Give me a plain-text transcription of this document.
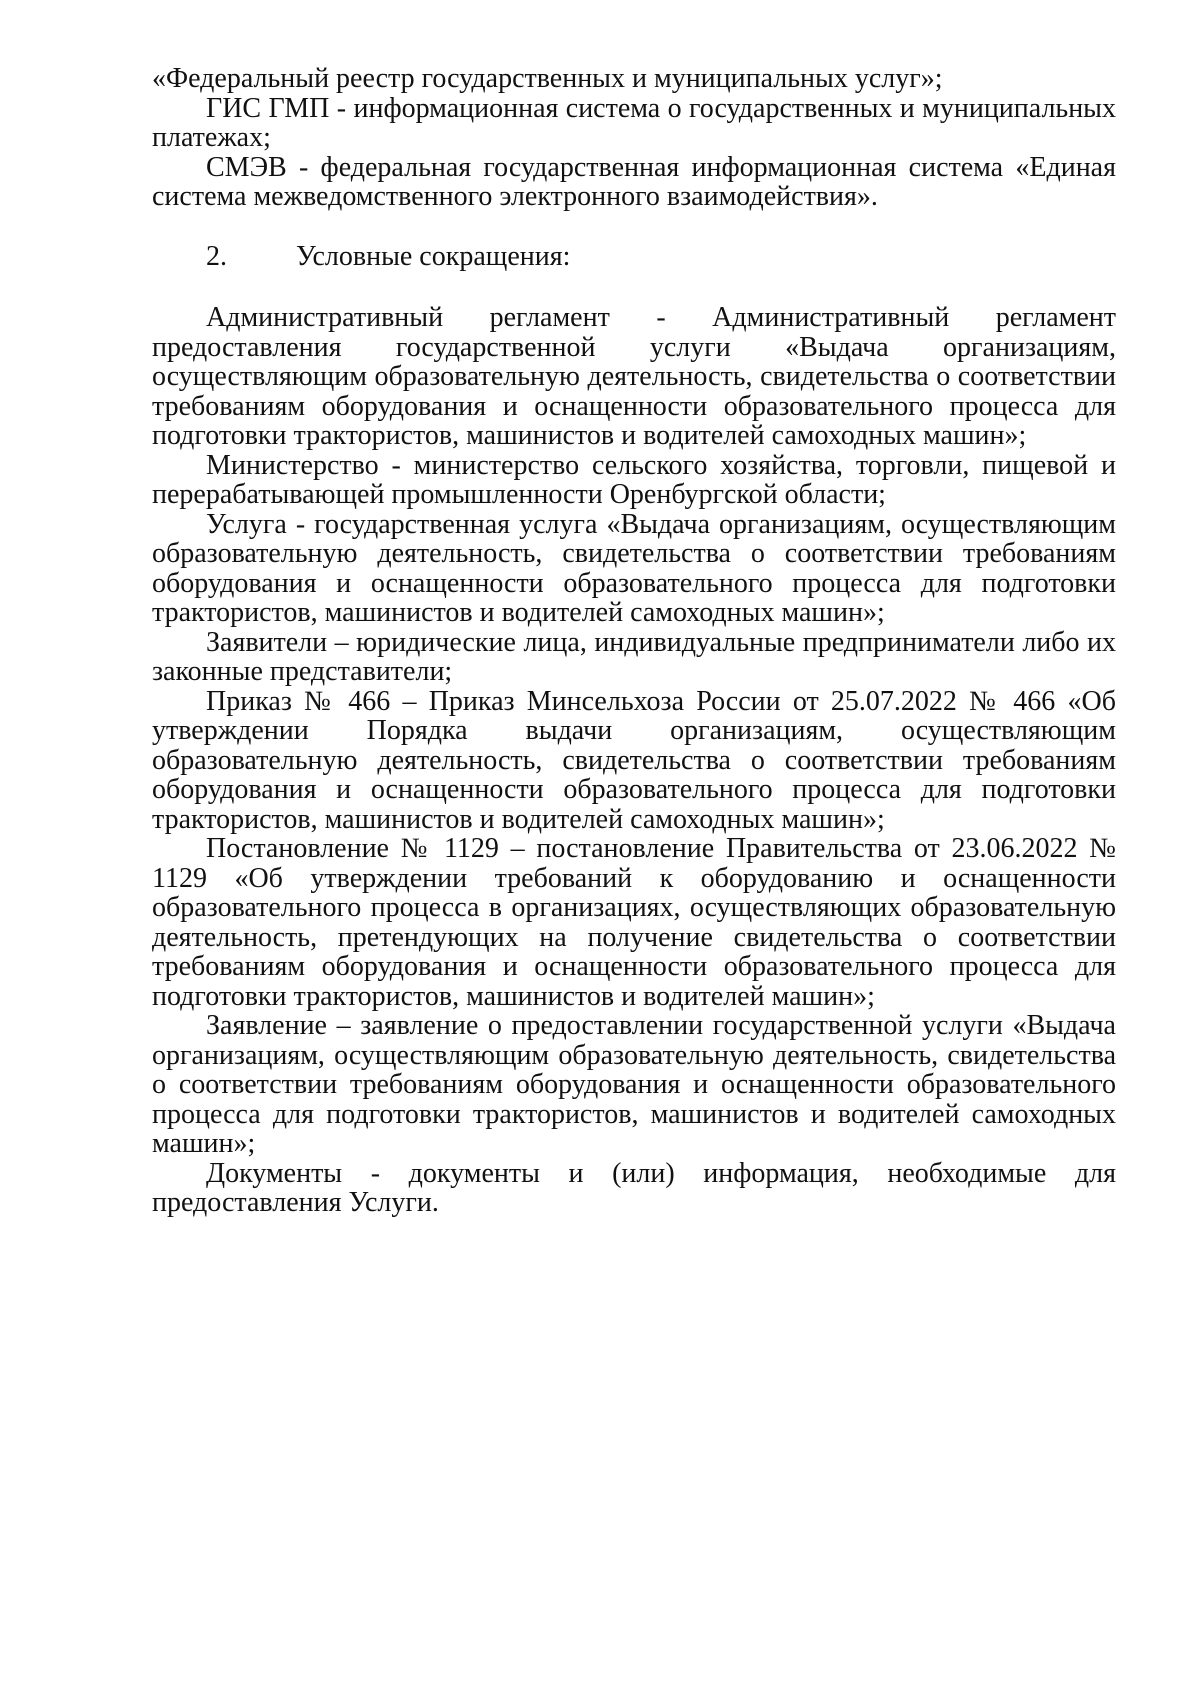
«Федеральный реестр государственных и муниципальных услуг»;

ГИС ГМП - информационная система о государственных и муниципальных платежах;

СМЭВ - федеральная государственная информационная система «Единая система межведомственного электронного взаимодействия».

2. Условные сокращения:

Административный регламент - Административный регламент предоставления государственной услуги «Выдача организациям, осуществляющим образовательную деятельность, свидетельства о соответствии требованиям оборудования и оснащенности образовательного процесса для подготовки трактористов, машинистов и водителей самоходных машин»;

Министерство - министерство сельского хозяйства, торговли, пищевой и перерабатывающей промышленности Оренбургской области;

Услуга - государственная услуга «Выдача организациям, осуществляющим образовательную деятельность, свидетельства о соответствии требованиям оборудования и оснащенности образовательного процесса для подготовки трактористов, машинистов и водителей самоходных машин»;

Заявители – юридические лица, индивидуальные предприниматели либо их законные представители;

Приказ № 466 – Приказ Минсельхоза России от 25.07.2022 № 466 «Об утверждении Порядка выдачи организациям, осуществляющим образовательную деятельность, свидетельства о соответствии требованиям оборудования и оснащенности образовательного процесса для подготовки трактористов, машинистов и водителей самоходных машин»;

Постановление № 1129 – постановление Правительства от 23.06.2022 № 1129 «Об утверждении требований к оборудованию и оснащенности образовательного процесса в организациях, осуществляющих образовательную деятельность, претендующих на получение свидетельства о соответствии требованиям оборудования и оснащенности образовательного процесса для подготовки трактористов, машинистов и водителей машин»;

Заявление – заявление о предоставлении государственной услуги «Выдача организациям, осуществляющим образовательную деятельность, свидетельства о соответствии требованиям оборудования и оснащенности образовательного процесса для подготовки трактористов, машинистов и водителей самоходных машин»;

Документы - документы и (или) информация, необходимые для предоставления Услуги.
